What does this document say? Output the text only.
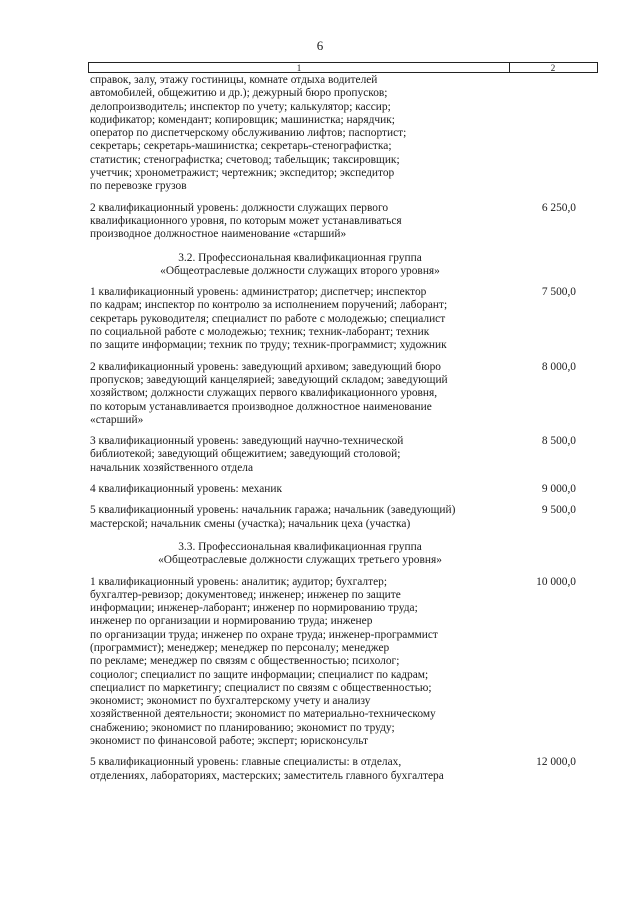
6
1	2
справок, залу, этажу гостиницы, комнате отдыха водителей
автомобилей, общежитию и др.); дежурный бюро пропусков;
делопроизводитель; инспектор по учету; калькулятор; кассир;
кодификатор; комендант; копировщик; машинистка; нарядчик;
оператор по диспетчерскому обслуживанию лифтов; паспортист;
секретарь; секретарь-машинистка; секретарь-стенографистка;
статистик; стенографистка; счетовод; табельщик; таксировщик;
учетчик; хронометражист; чертежник; экспедитор; экспедитор
по перевозке грузов
2 квалификационный уровень: должности служащих первого
квалификационного уровня, по которым может устанавливаться
производное должностное наименование «старший»
6 250,0
3.2. Профессиональная квалификационная группа
«Общеотраслевые должности служащих второго уровня»
1 квалификационный уровень: администратор; диспетчер; инспектор
по кадрам; инспектор по контролю за исполнением поручений; лаборант;
секретарь руководителя; специалист по работе с молодежью; специалист
по социальной работе с молодежью; техник; техник-лаборант; техник
по защите информации; техник по труду; техник-программист; художник
7 500,0
2 квалификационный уровень: заведующий архивом; заведующий бюро
пропусков; заведующий канцелярией; заведующий складом; заведующий
хозяйством; должности служащих первого квалификационного уровня,
по которым устанавливается производное должностное наименование
«старший»
8 000,0
3 квалификационный уровень: заведующий научно-технической
библиотекой; заведующий общежитием; заведующий столовой;
начальник хозяйственного отдела
8 500,0
4 квалификационный уровень: механик	9 000,0
5 квалификационный уровень: начальник гаража; начальник (заведующий)
мастерской; начальник смены (участка); начальник цеха (участка)
9 500,0
3.3. Профессиональная квалификационная группа
«Общеотраслевые должности служащих третьего уровня»
1 квалификационный уровень: аналитик; аудитор; бухгалтер;
бухгалтер-ревизор; документовед; инженер; инженер по защите
информации; инженер-лаборант; инженер по нормированию труда;
инженер по организации и нормированию труда; инженер
по организации труда; инженер по охране труда; инженер-программист
(программист); менеджер; менеджер по персоналу; менеджер
по рекламе; менеджер по связям с общественностью; психолог;
социолог; специалист по защите информации; специалист по кадрам;
специалист по маркетингу; специалист по связям с общественностью;
экономист; экономист по бухгалтерскому учету и анализу
хозяйственной деятельности; экономист по материально-техническому
снабжению; экономист по планированию; экономист по труду;
экономист по финансовой работе; эксперт; юрисконсульт
10 000,0
5 квалификационный уровень: главные специалисты: в отделах,
отделениях, лабораториях, мастерских; заместитель главного бухгалтера
12 000,0
